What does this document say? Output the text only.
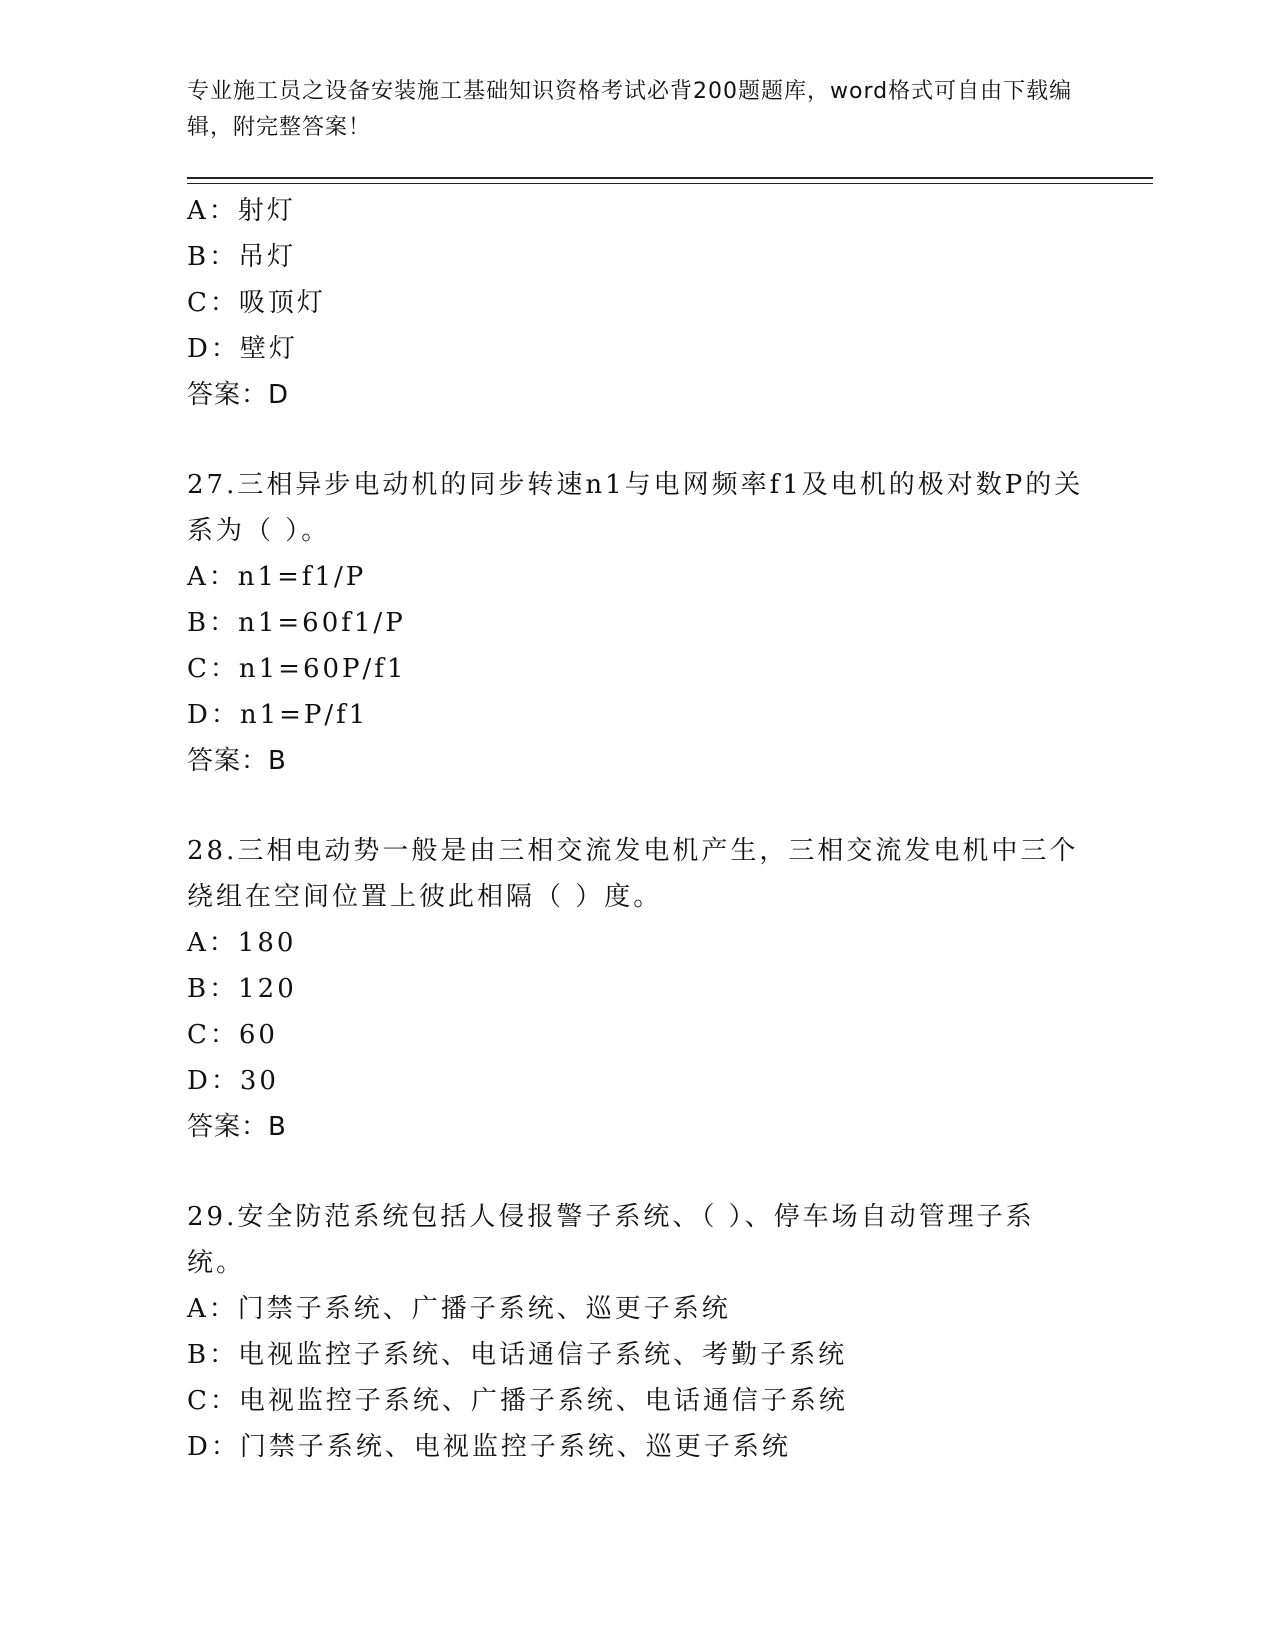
专业施工员之设备安装施工基础知识资格考试必背200题题库，word格式可自由下载编辑，附完整答案！
A：射灯
B：吊灯
C：吸顶灯
D：壁灯
答案：D
27.三相异步电动机的同步转速n1与电网频率f1及电机的极对数P的关系为（ ）。
A：n1=f1/P
B：n1=60f1/P
C：n1=60P/f1
D：n1=P/f1
答案：B
28.三相电动势一般是由三相交流发电机产生，三相交流发电机中三个绕组在空间位置上彼此相隔（ ）度。
A：180
B：120
C：60
D：30
答案：B
29.安全防范系统包括人侵报警子系统、（ ）、停车场自动管理子系统。
A：门禁子系统、广播子系统、巡更子系统
B：电视监控子系统、电话通信子系统、考勤子系统
C：电视监控子系统、广播子系统、电话通信子系统
D：门禁子系统、电视监控子系统、巡更子系统
